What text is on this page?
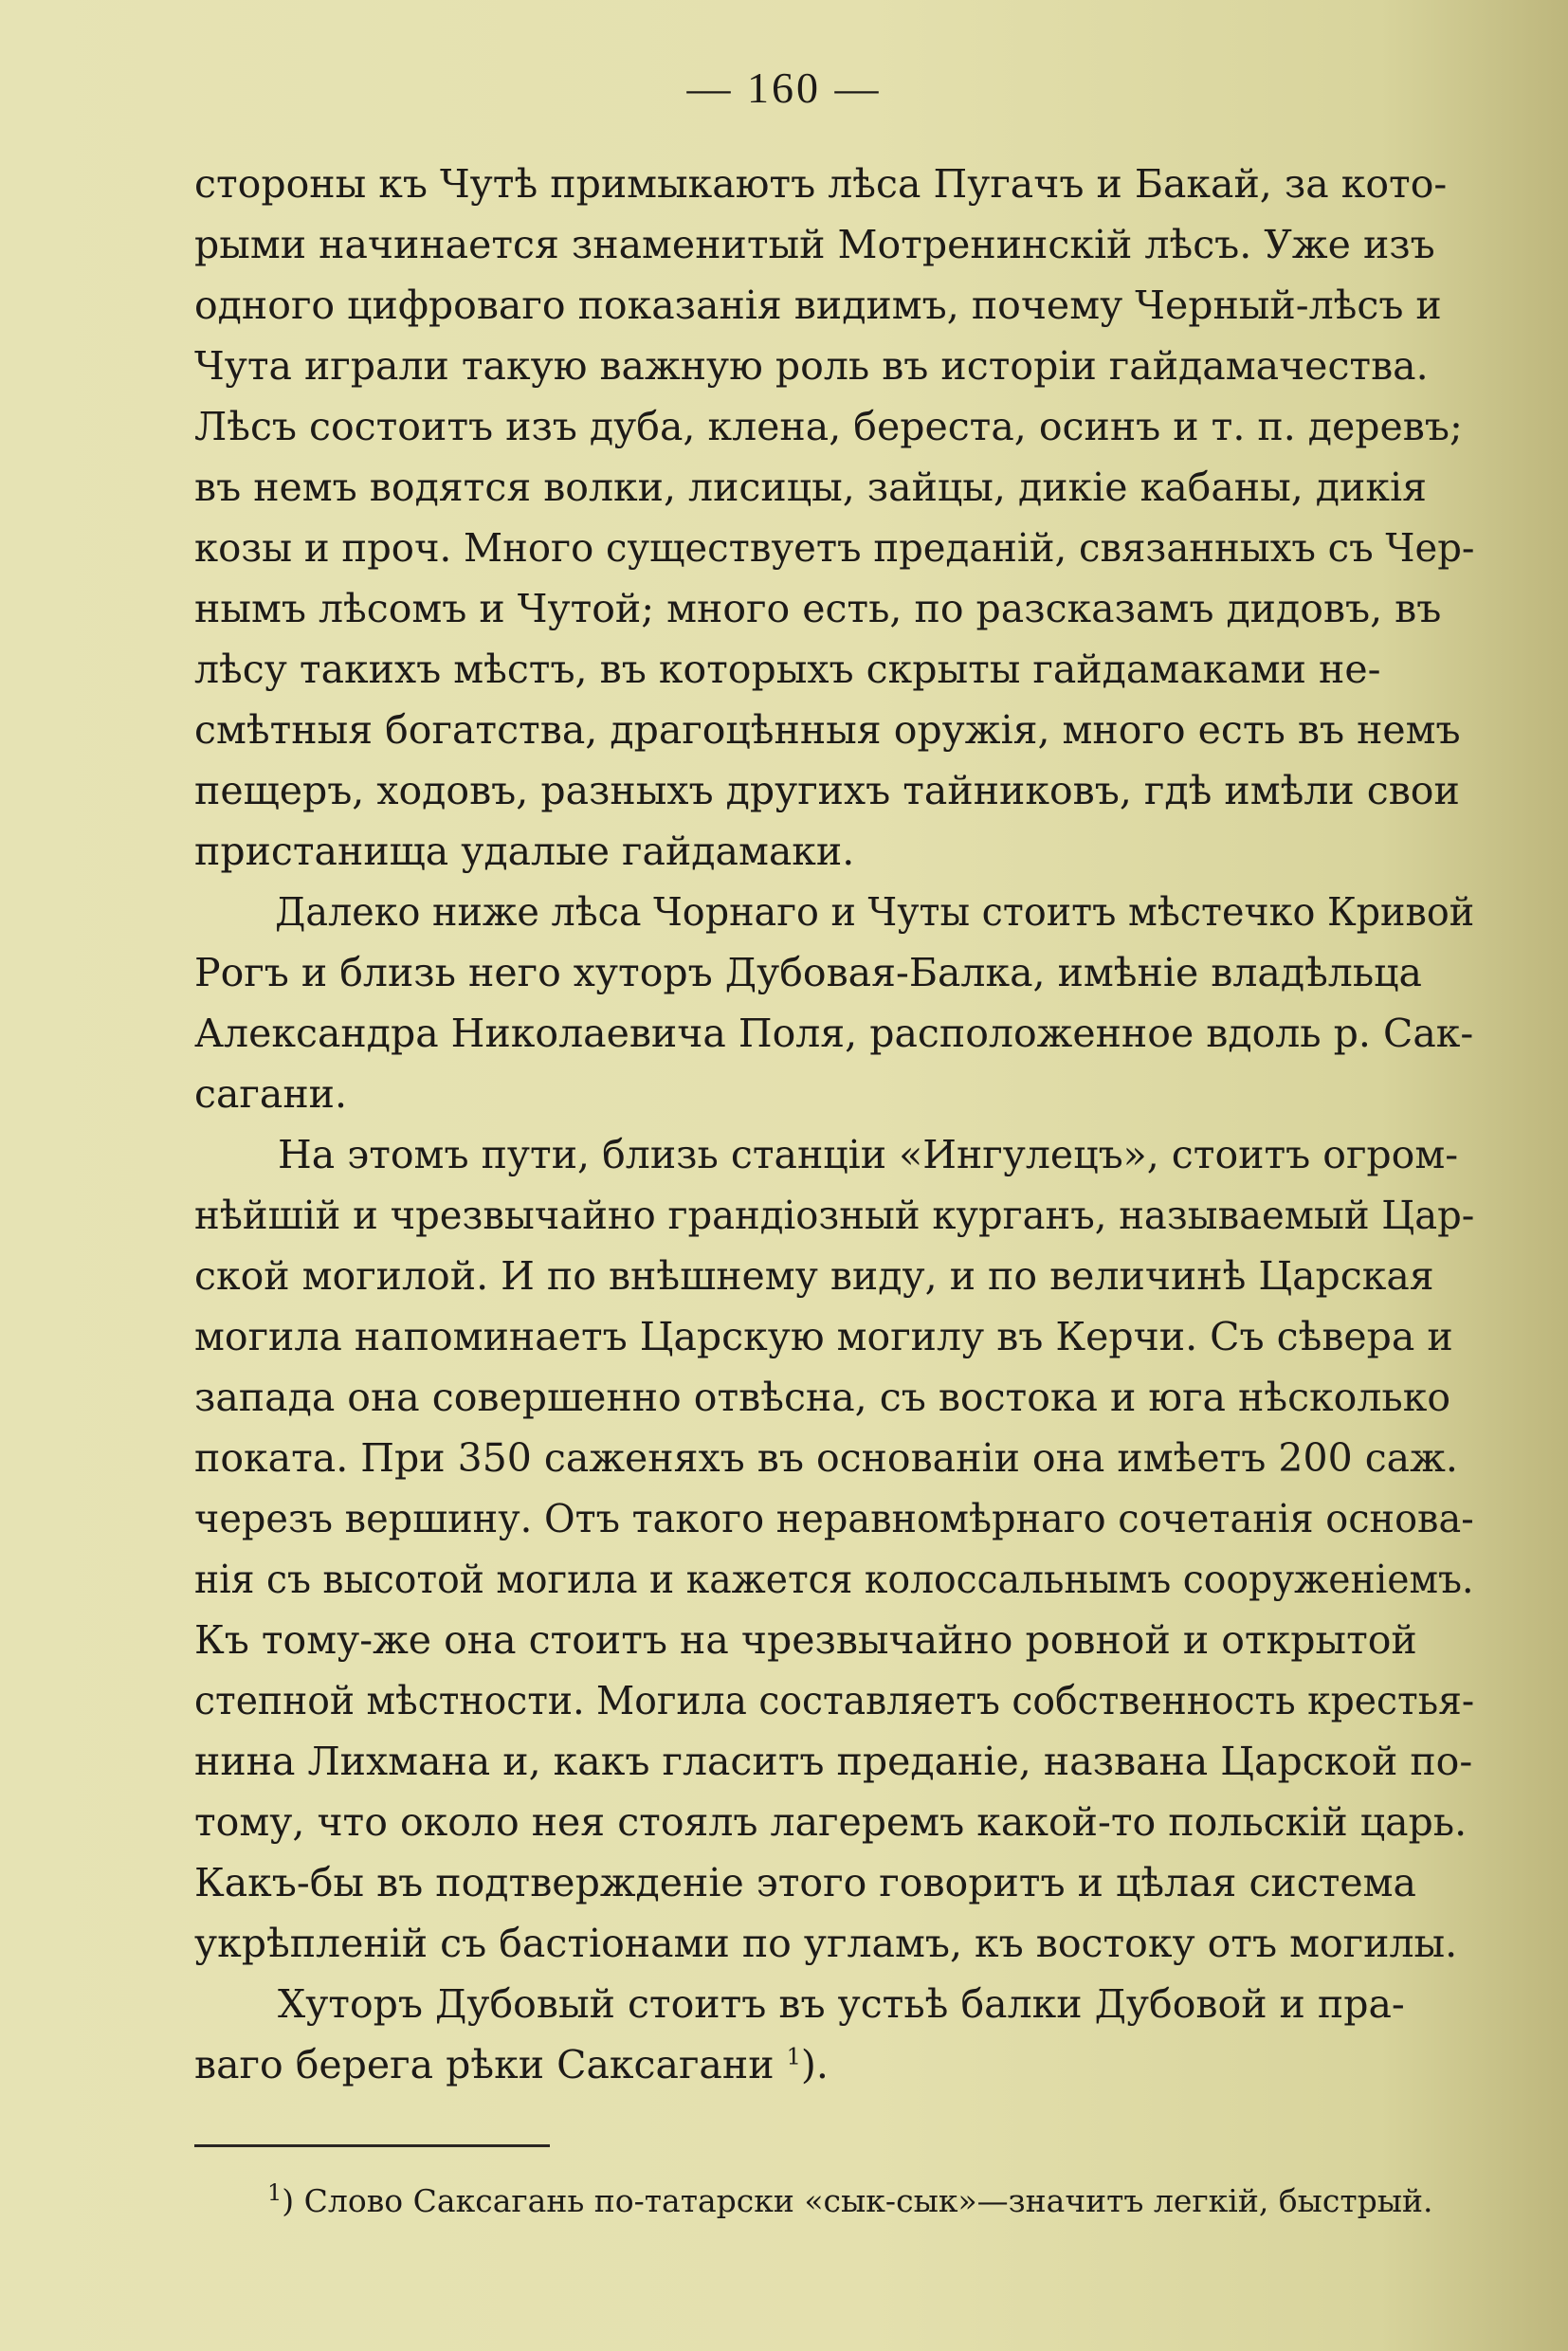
— 160 —
стороны къ Чутѣ примыкаютъ лѣса Пугачъ и Бакай, за кото-
рыми начинается знаменитый Мотренинскій лѣсъ. Уже изъ
одного цифроваго показанія видимъ, почему Черный-лѣсъ и
Чута играли такую важную роль въ исторіи гайдамачества.
Лѣсъ состоитъ изъ дуба, клена, береста, осинъ и т. п. деревъ;
въ немъ водятся волки, лисицы, зайцы, дикіе кабаны, дикія
козы и проч. Много существуетъ преданій, связанныхъ съ Чер-
нымъ лѣсомъ и Чутой; много есть, по разсказамъ дидовъ, въ
лѣсу такихъ мѣстъ, въ которыхъ скрыты гайдамаками не-
смѣтныя богатства, драгоцѣнныя оружія, много есть въ немъ
пещеръ, ходовъ, разныхъ другихъ тайниковъ, гдѣ имѣли свои
пристанища удалые гайдамаки.
Далеко ниже лѣса Чорнаго и Чуты стоитъ мѣстечко Кривой
Рогъ и близь него хуторъ Дубовая-Балка, имѣніе владѣльца
Александра Николаевича Поля, расположенное вдоль р. Сак-
сагани.
На этомъ пути, близь станціи «Ингулецъ», стоитъ огром-
нѣйшій и чрезвычайно грандіозный курганъ, называемый Цар-
ской могилой. И по внѣшнему виду, и по величинѣ Царская
могила напоминаетъ Царскую могилу въ Керчи. Съ сѣвера и
запада она совершенно отвѣсна, съ востока и юга нѣсколько
поката. При 350 саженяхъ въ основаніи она имѣетъ 200 саж.
черезъ вершину. Отъ такого неравномѣрнаго сочетанія основа-
нія съ высотой могила и кажется колоссальнымъ сооруженіемъ.
Къ тому-же она стоитъ на чрезвычайно ровной и открытой
степной мѣстности. Могила составляетъ собственность крестья-
нина Лихмана и, какъ гласитъ преданіе, названа Царской по-
тому, что около нея стоялъ лагеремъ какой-то польскій царь.
Какъ-бы въ подтвержденіе этого говоритъ и цѣлая система
укрѣпленій съ бастіонами по угламъ, къ востоку отъ могилы.
Хуторъ Дубовый стоитъ въ устьѣ балки Дубовой и пра-
ваго берега рѣки Саксагани $^1$).
$^1$) Слово Саксагань по-татарски «сык-сык»—значитъ легкій, быстрый.
